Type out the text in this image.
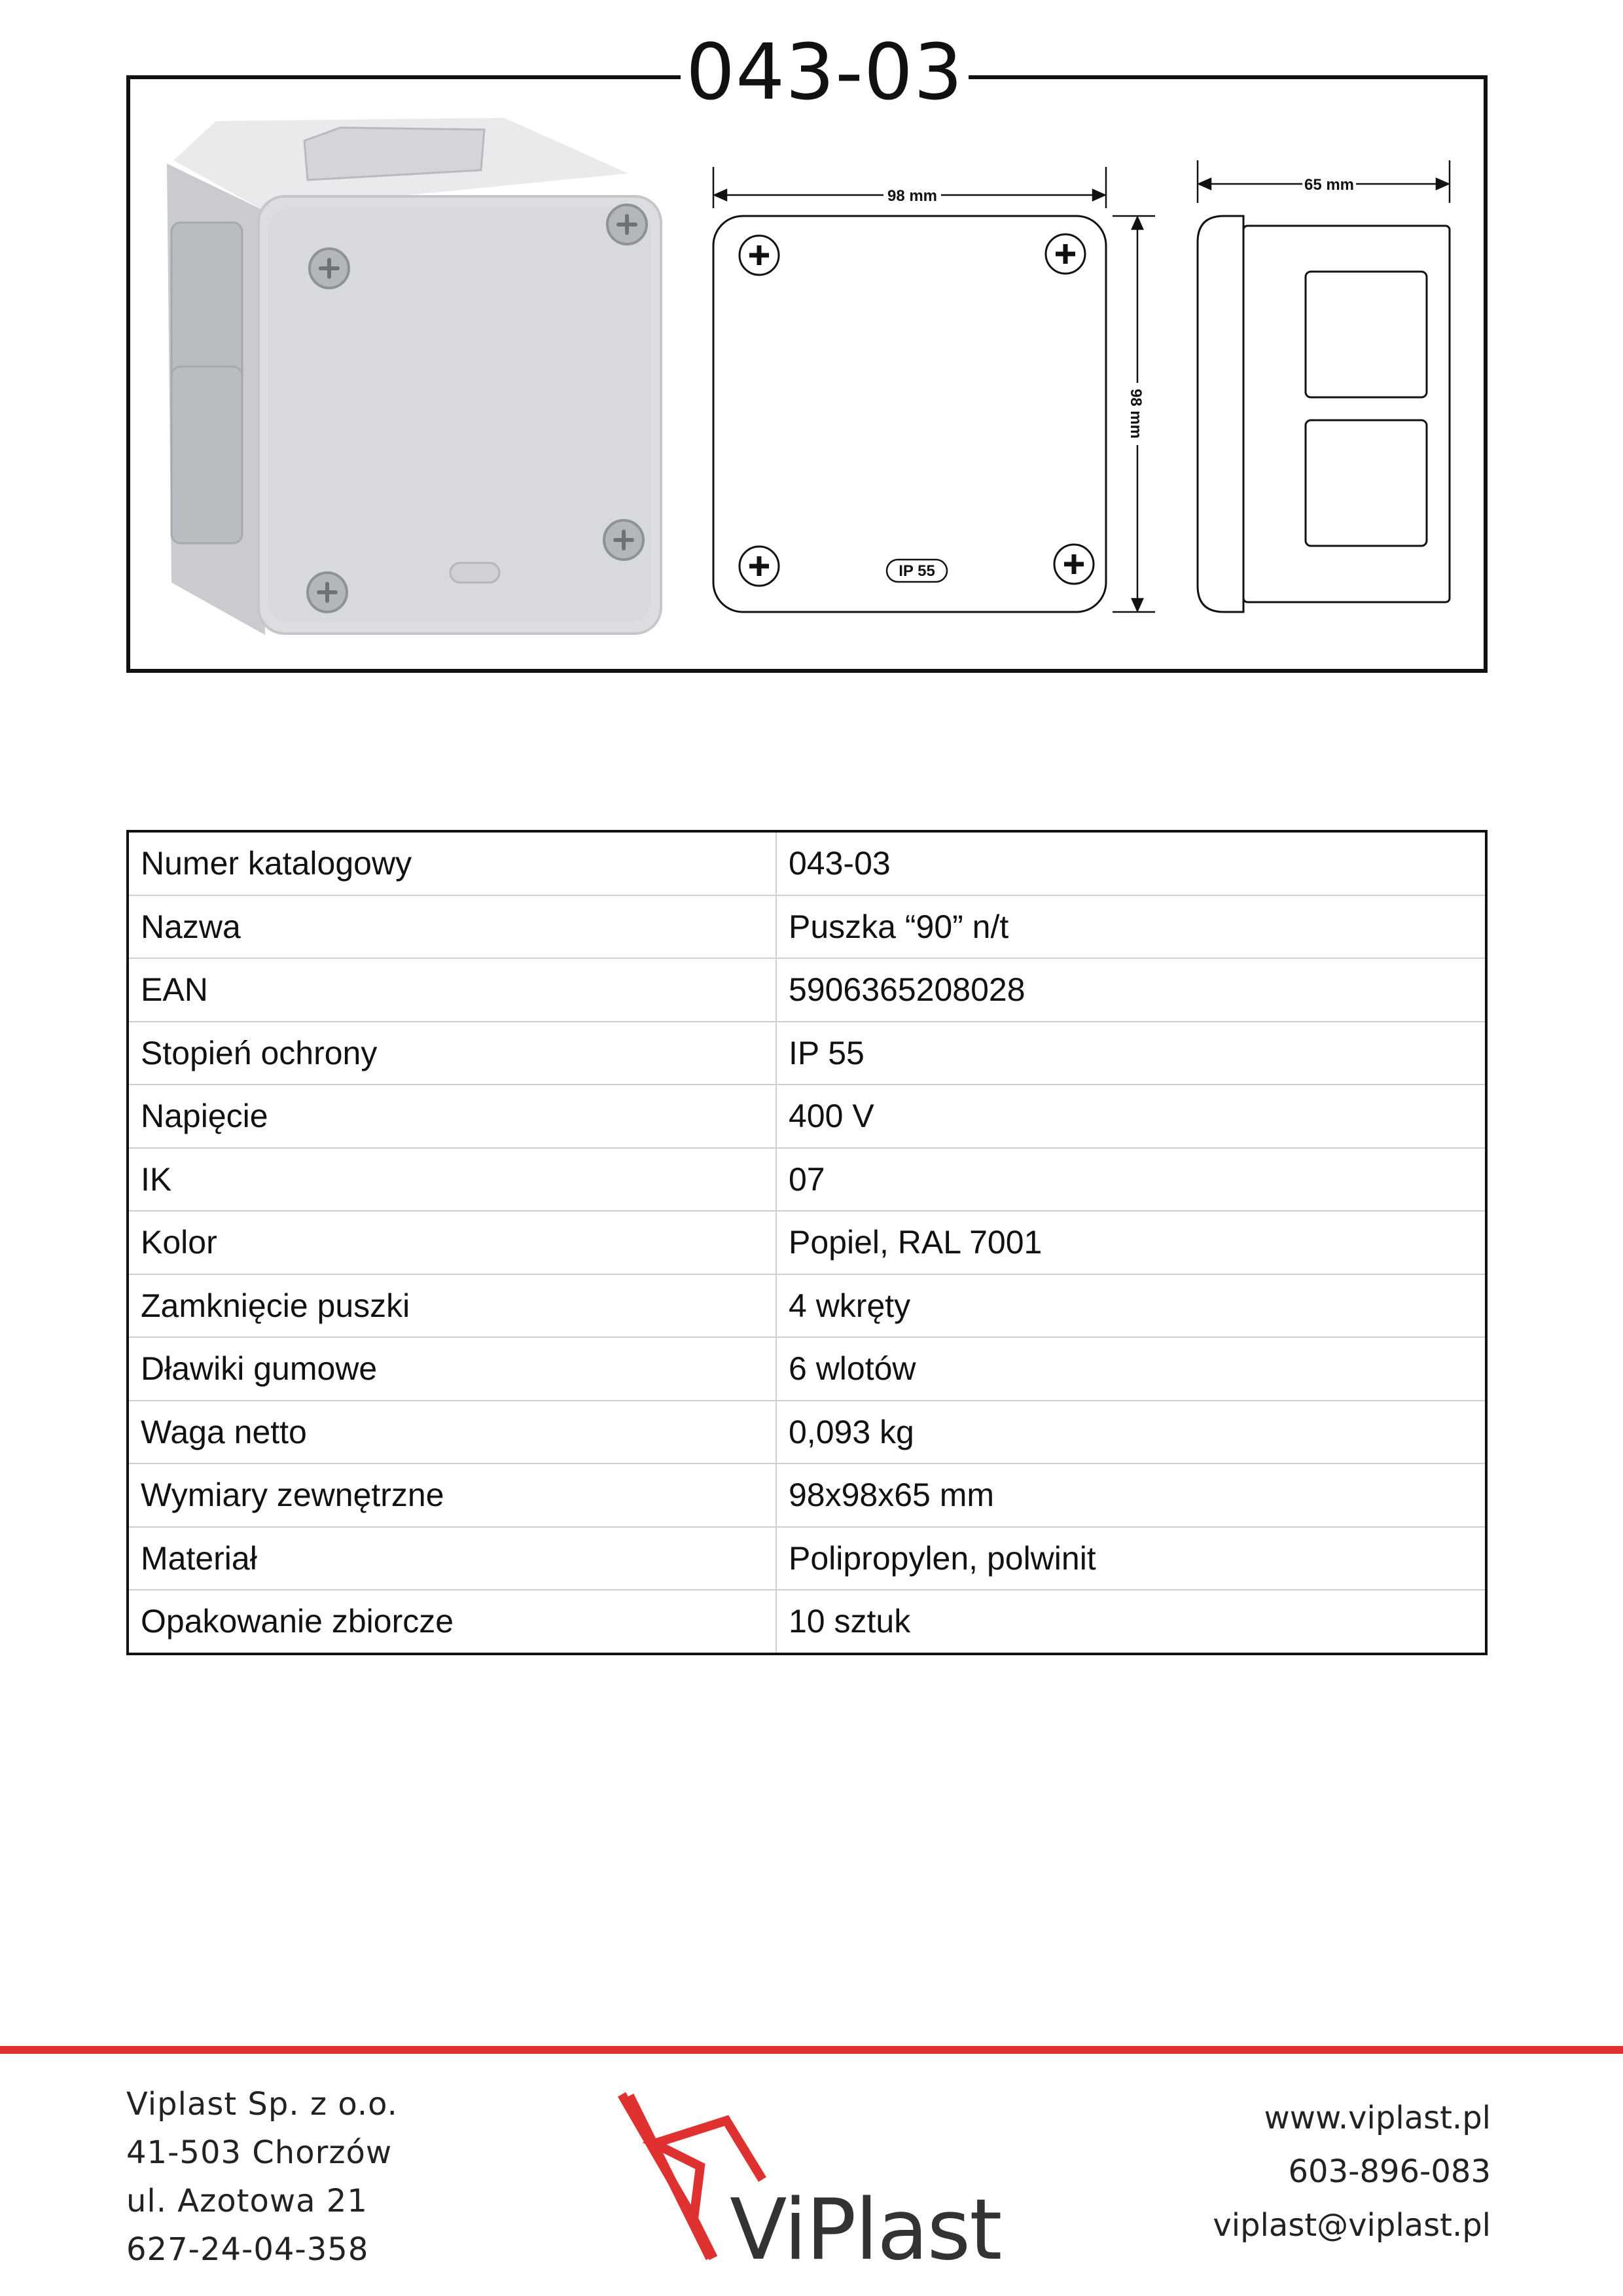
043-03
IP 55
98 mm
98 mm
65 mm
Numer katalogowy	043-03
Nazwa	Puszka “90” n/t
EAN	5906365208028
Stopień ochrony	IP 55
Napięcie	400 V
IK	07
Kolor	Popiel, RAL 7001
Zamknięcie puszki	4 wkręty
Dławiki gumowe	6 wlotów
Waga netto	0,093 kg
Wymiary zewnętrzne	98x98x65 mm
Materiał	Polipropylen, polwinit
Opakowanie zbiorcze	10 sztuk
Viplast Sp. z o.o.
41-503 Chorzów
ul. Azotowa 21
627-24-04-358	ViPlast
www.viplast.pl
603-896-083
viplast@viplast.pl
